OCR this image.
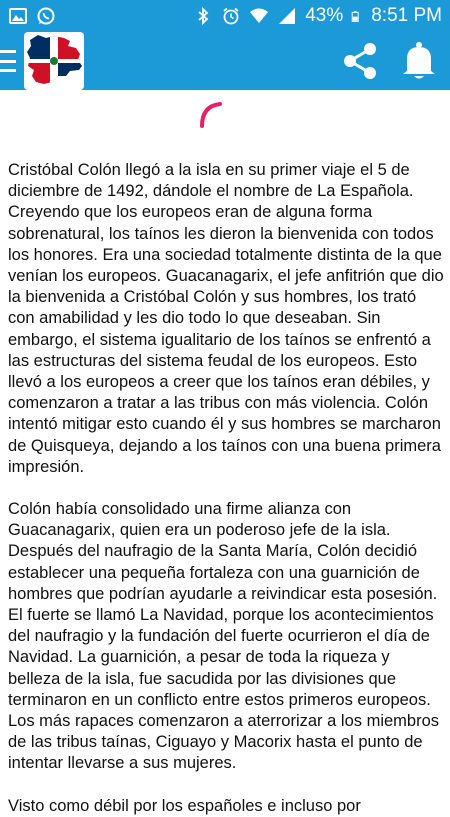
43% 8:51 PM

Cristóbal Colón llegó a la isla en su primer viaje el 5 de diciembre de 1492, dándole el nombre de La Española. Creyendo que los europeos eran de alguna forma sobrenatural, los taínos les dieron la bienvenida con todos los honores. Era una sociedad totalmente distinta de la que venían los europeos. Guacanagarix, el jefe anfitrión que dio la bienvenida a Cristóbal Colón y sus hombres, los trató con amabilidad y les dio todo lo que deseaban. Sin embargo, el sistema igualitario de los taínos se enfrentó a las estructuras del sistema feudal de los europeos. Esto llevó a los europeos a creer que los taínos eran débiles, y comenzaron a tratar a las tribus con más violencia. Colón intentó mitigar esto cuando él y sus hombres se marcharon de Quisqueya, dejando a los taínos con una buena primera impresión.

Colón había consolidado una firme alianza con Guacanagarix, quien era un poderoso jefe de la isla. Después del naufragio de la Santa María, Colón decidió establecer una pequeña fortaleza con una guarnición de hombres que podrían ayudarle a reivindicar esta posesión. El fuerte se llamó La Navidad, porque los acontecimientos del naufragio y la fundación del fuerte ocurrieron el día de Navidad. La guarnición, a pesar de toda la riqueza y belleza de la isla, fue sacudida por las divisiones que terminaron en un conflicto entre estos primeros europeos. Los más rapaces comenzaron a aterrorizar a los miembros de las tribus taínas, Ciguayo y Macorix hasta el punto de intentar llevarse a sus mujeres.

Visto como débil por los españoles e incluso por
